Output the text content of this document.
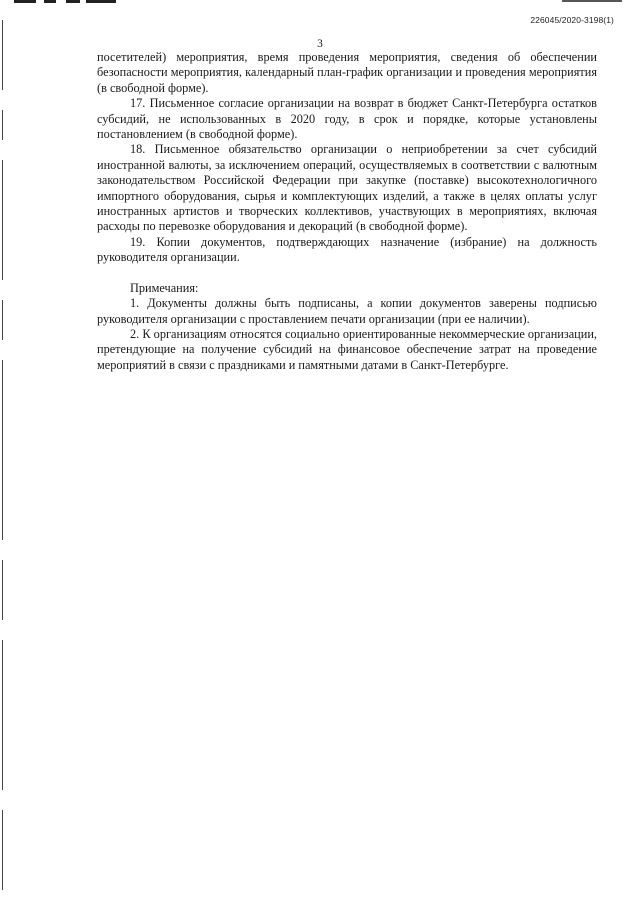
226045/2020-3198(1)
3

посетителей) мероприятия, время проведения мероприятия, сведения об обеспечении безопасности мероприятия, календарный план-график организации и проведения мероприятия (в свободной форме).

17. Письменное согласие организации на возврат в бюджет Санкт-Петербурга остатков субсидий, не использованных в 2020 году, в срок и порядке, которые установлены постановлением (в свободной форме).

18. Письменное обязательство организации о неприобретении за счет субсидий иностранной валюты, за исключением операций, осуществляемых в соответствии с валютным законодательством Российской Федерации при закупке (поставке) высокотехнологичного импортного оборудования, сырья и комплектующих изделий, а также в целях оплаты услуг иностранных артистов и творческих коллективов, участвующих в мероприятиях, включая расходы по перевозке оборудования и декораций (в свободной форме).

19. Копии документов, подтверждающих назначение (избрание) на должность руководителя организации.

Примечания:

1. Документы должны быть подписаны, а копии документов заверены подписью руководителя организации с проставлением печати организации (при ее наличии).

2. К организациям относятся социально ориентированные некоммерческие организации, претендующие на получение субсидий на финансовое обеспечение затрат на проведение мероприятий в связи с праздниками и памятными датами в Санкт-Петербурге.
